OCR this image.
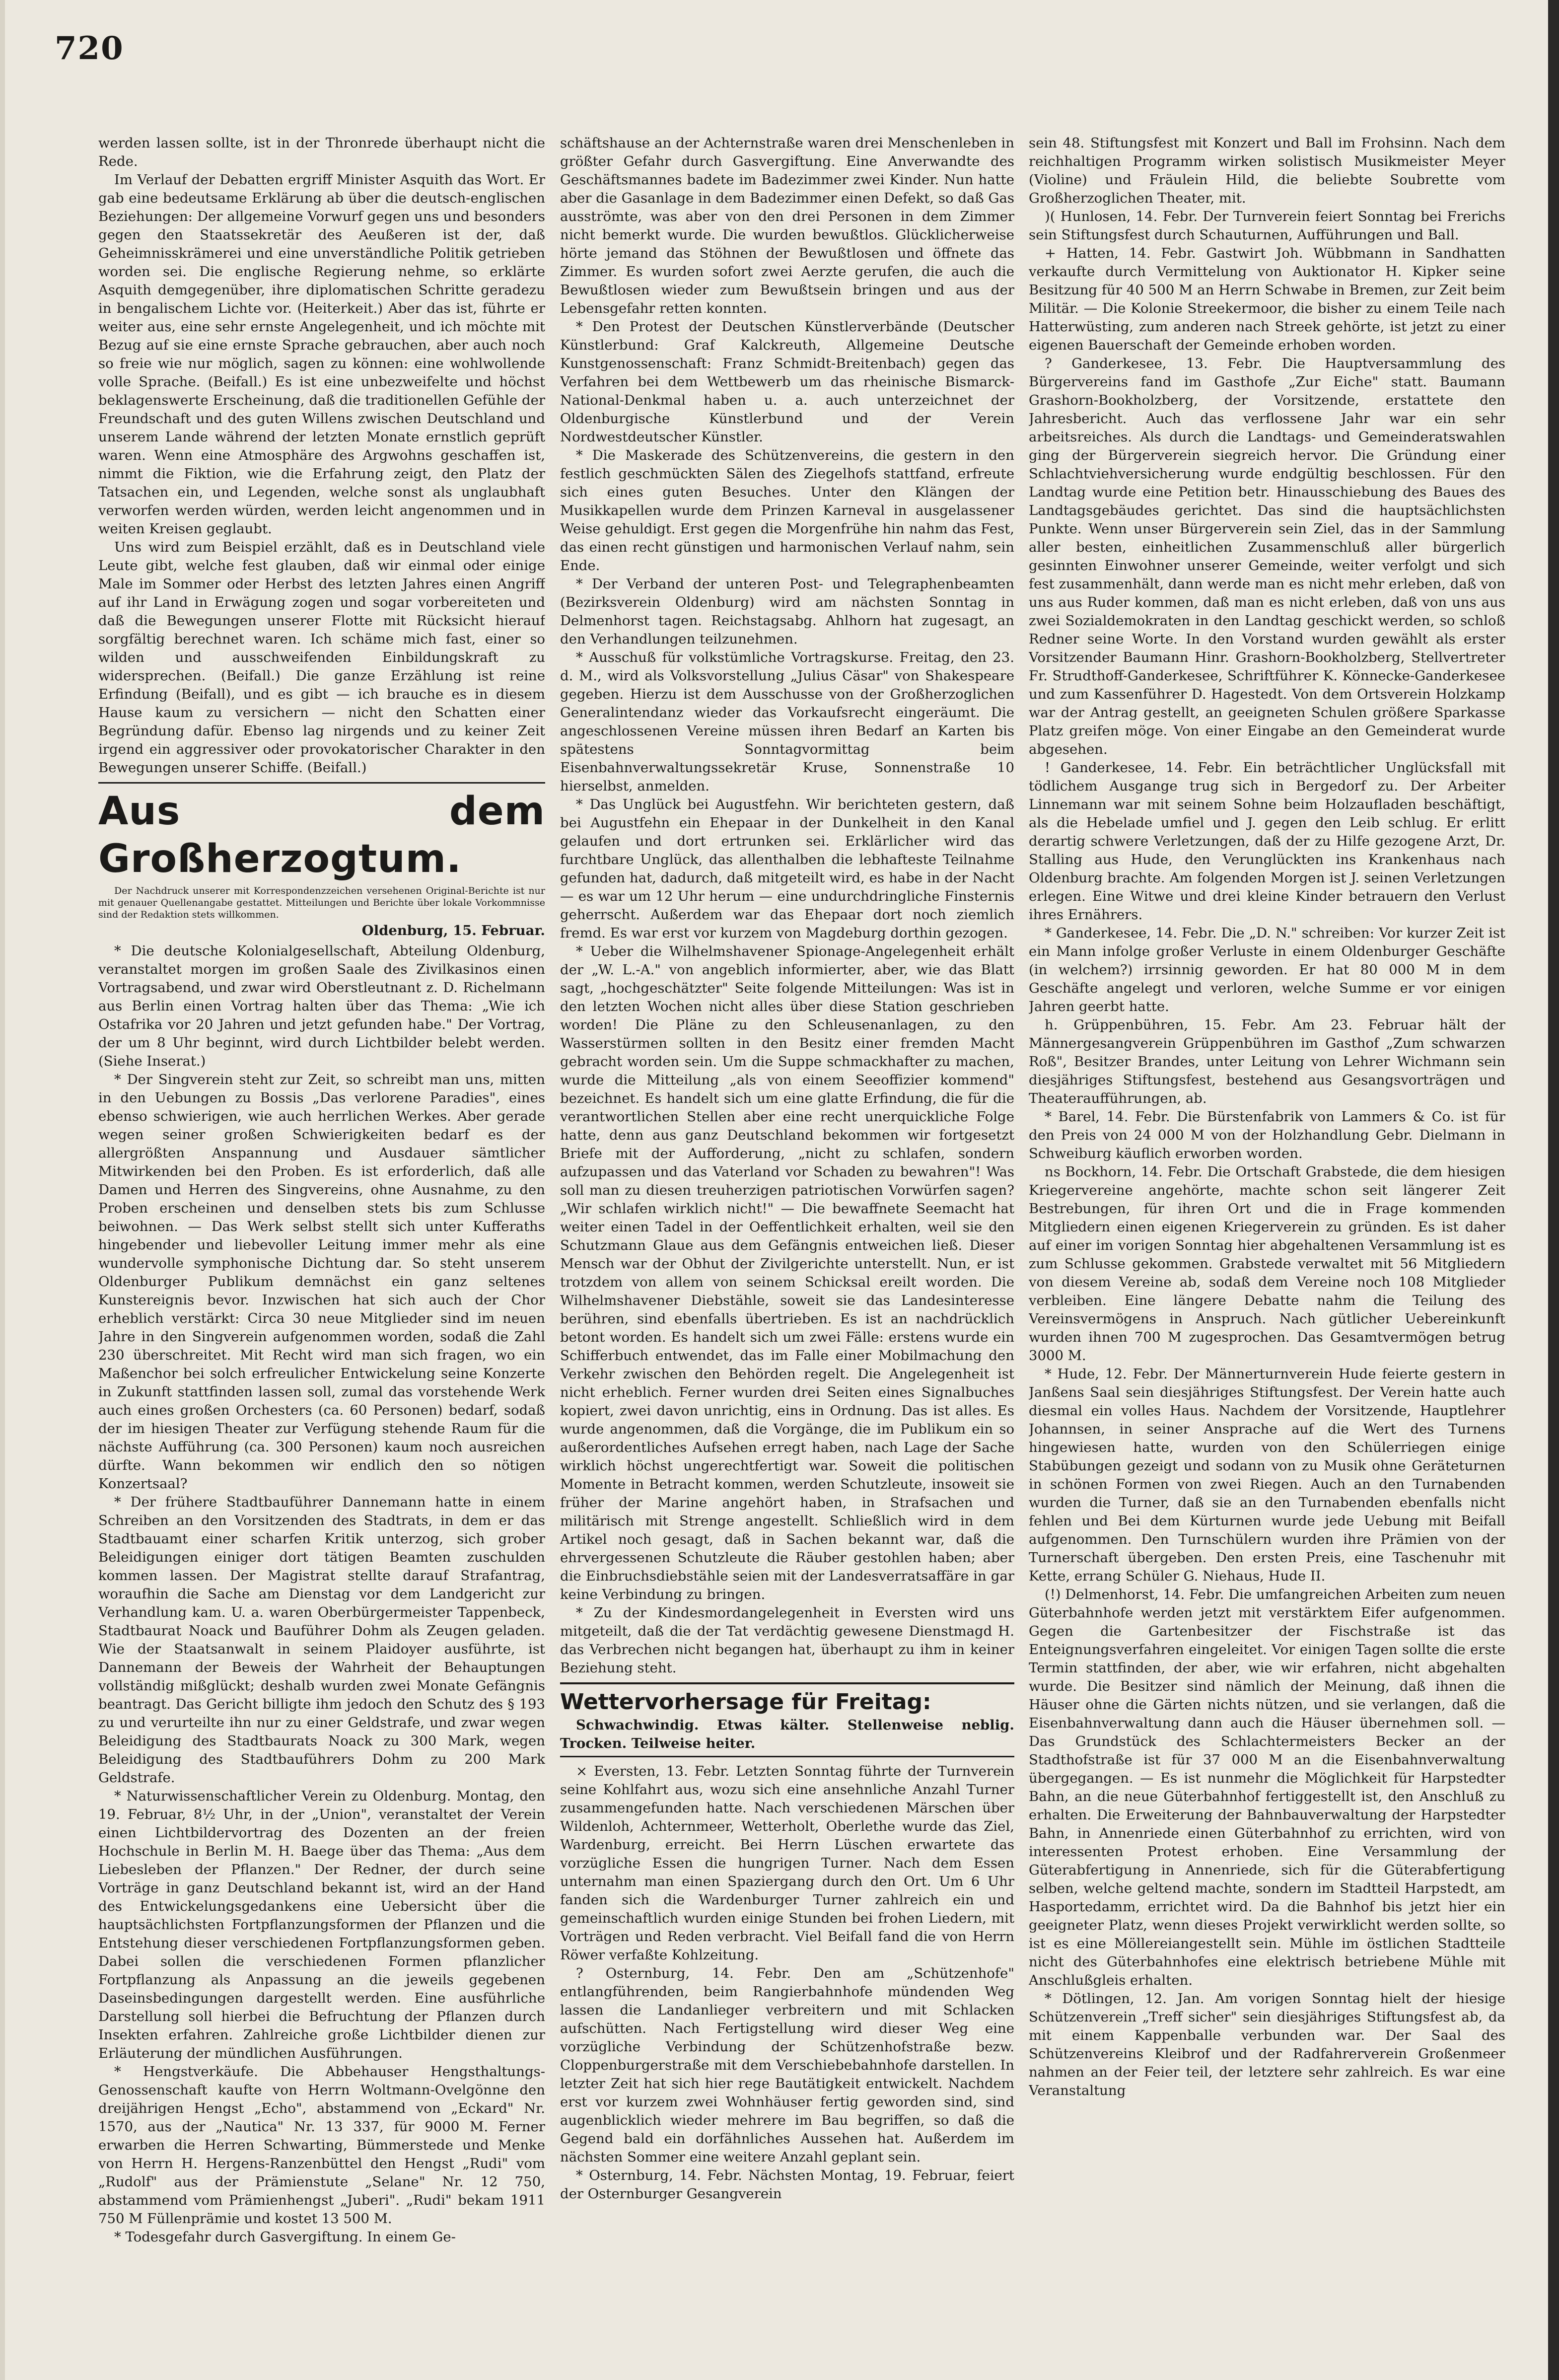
720

werden lassen sollte, ist in der Thronrede überhaupt nicht die Rede.

Im Verlauf der Debatten ergriff Minister Asquith das Wort. Er gab eine bedeutsame Erklärung ab über die deutsch-englischen Beziehungen: Der allgemeine Vorwurf gegen uns und besonders gegen den Staatssekretär des Aeußeren ist der, daß Geheimnisskrämerei und eine unverständliche Politik getrieben worden sei. Die englische Regierung nehme, so erklärte Asquith demgegenüber, ihre diplomatischen Schritte geradezu in bengalischem Lichte vor. (Heiterkeit.) Aber das ist, führte er weiter aus, eine sehr ernste Angelegenheit, und ich möchte mit Bezug auf sie eine ernste Sprache gebrauchen, aber auch noch so freie wie nur möglich, sagen zu können: eine wohlwollende volle Sprache. (Beifall.) Es ist eine unbezweifelte und höchst beklagenswerte Erscheinung, daß die traditionellen Gefühle der Freundschaft und des guten Willens zwischen Deutschland und unserem Lande während der letzten Monate ernstlich geprüft waren. Wenn eine Atmosphäre des Argwohns geschaffen ist, nimmt die Fiktion, wie die Erfahrung zeigt, den Platz der Tatsachen ein, und Legenden, welche sonst als unglaubhaft verworfen werden würden, werden leicht angenommen und in weiten Kreisen geglaubt.

Uns wird zum Beispiel erzählt, daß es in Deutschland viele Leute gibt, welche fest glauben, daß wir einmal oder einige Male im Sommer oder Herbst des letzten Jahres einen Angriff auf ihr Land in Erwägung zogen und sogar vorbereiteten und daß die Bewegungen unserer Flotte mit Rücksicht hierauf sorgfältig berechnet waren. Ich schäme mich fast, einer so wilden und ausschweifenden Einbildungskraft zu widersprechen. (Beifall.) Die ganze Erzählung ist reine Erfindung (Beifall), und es gibt — ich brauche es in diesem Hause kaum zu versichern — nicht den Schatten einer Begründung dafür. Ebenso lag nirgends und zu keiner Zeit irgend ein aggressiver oder provokatorischer Charakter in den Bewegungen unserer Schiffe. (Beifall.)

Aus dem Großherzogtum.

Der Nachdruck unserer mit Korrespondenzzeichen versehenen Original-Berichte ist nur mit genauer Quellenangabe gestattet. Mitteilungen und Berichte über lokale Vorkommnisse sind der Redaktion stets willkommen.

Oldenburg, 15. Februar.

* Die deutsche Kolonialgesellschaft, Abteilung Oldenburg, veranstaltet morgen im großen Saale des Zivilkasinos einen Vortragsabend, und zwar wird Oberstleutnant z. D. Richelmann aus Berlin einen Vortrag halten über das Thema: „Wie ich Ostafrika vor 20 Jahren und jetzt gefunden habe." Der Vortrag, der um 8 Uhr beginnt, wird durch Lichtbilder belebt werden. (Siehe Inserat.)

* Der Singverein steht zur Zeit, so schreibt man uns, mitten in den Uebungen zu Bossis „Das verlorene Paradies", eines ebenso schwierigen, wie auch herrlichen Werkes. Aber gerade wegen seiner großen Schwierigkeiten bedarf es der allergrößten Anspannung und Ausdauer sämtlicher Mitwirkenden bei den Proben. Es ist erforderlich, daß alle Damen und Herren des Singvereins, ohne Ausnahme, zu den Proben erscheinen und denselben stets bis zum Schlusse beiwohnen. — Das Werk selbst stellt sich unter Kufferaths hingebender und liebevoller Leitung immer mehr als eine wundervolle symphonische Dichtung dar. So steht unserem Oldenburger Publikum demnächst ein ganz seltenes Kunstereignis bevor. Inzwischen hat sich auch der Chor erheblich verstärkt: Circa 30 neue Mitglieder sind im neuen Jahre in den Singverein aufgenommen worden, sodaß die Zahl 230 überschreitet. Mit Recht wird man sich fragen, wo ein Maßenchor bei solch erfreulicher Entwickelung seine Konzerte in Zukunft stattfinden lassen soll, zumal das vorstehende Werk auch eines großen Orchesters (ca. 60 Personen) bedarf, sodaß der im hiesigen Theater zur Verfügung stehende Raum für die nächste Aufführung (ca. 300 Personen) kaum noch ausreichen dürfte. Wann bekommen wir endlich den so nötigen Konzertsaal?

* Der frühere Stadtbauführer Dannemann hatte in einem Schreiben an den Vorsitzenden des Stadtrats, in dem er das Stadtbauamt einer scharfen Kritik unterzog, sich grober Beleidigungen einiger dort tätigen Beamten zuschulden kommen lassen. Der Magistrat stellte darauf Strafantrag, woraufhin die Sache am Dienstag vor dem Landgericht zur Verhandlung kam. U. a. waren Oberbürgermeister Tappenbeck, Stadtbaurat Noack und Bauführer Dohm als Zeugen geladen. Wie der Staatsanwalt in seinem Plaidoyer ausführte, ist Dannemann der Beweis der Wahrheit der Behauptungen vollständig mißglückt; deshalb wurden zwei Monate Gefängnis beantragt. Das Gericht billigte ihm jedoch den Schutz des § 193 zu und verurteilte ihn nur zu einer Geldstrafe, und zwar wegen Beleidigung des Stadtbaurats Noack zu 300 Mark, wegen Beleidigung des Stadtbauführers Dohm zu 200 Mark Geldstrafe.

* Naturwissenschaftlicher Verein zu Oldenburg. Montag, den 19. Februar, 8½ Uhr, in der „Union", veranstaltet der Verein einen Lichtbildervortrag des Dozenten an der freien Hochschule in Berlin M. H. Baege über das Thema: „Aus dem Liebesleben der Pflanzen." Der Redner, der durch seine Vorträge in ganz Deutschland bekannt ist, wird an der Hand des Entwickelungsgedankens eine Uebersicht über die hauptsächlichsten Fortpflanzungsformen der Pflanzen und die Entstehung dieser verschiedenen Fortpflanzungsformen geben. Dabei sollen die verschiedenen Formen pflanzlicher Fortpflanzung als Anpassung an die jeweils gegebenen Daseinsbedingungen dargestellt werden. Eine ausführliche Darstellung soll hierbei die Befruchtung der Pflanzen durch Insekten erfahren. Zahlreiche große Lichtbilder dienen zur Erläuterung der mündlichen Ausführungen.

* Hengstverkäufe. Die Abbehauser Hengsthaltungs-Genossenschaft kaufte von Herrn Woltmann-Ovelgönne den dreijährigen Hengst „Echo", abstammend von „Eckard" Nr. 1570, aus der „Nautica" Nr. 13 337, für 9000 M. Ferner erwarben die Herren Schwarting, Bümmerstede und Menke von Herrn H. Hergens-Ranzenbüttel den Hengst „Rudi" vom „Rudolf" aus der Prämienstute „Selane" Nr. 12 750, abstammend vom Prämienhengst „Juberi". „Rudi" bekam 1911 750 M Füllenprämie und kostet 13 500 M.

* Todesgefahr durch Gasvergiftung. In einem Ge-

schäftshause an der Achternstraße waren drei Menschenleben in größter Gefahr durch Gasvergiftung. Eine Anverwandte des Geschäftsmannes badete im Badezimmer zwei Kinder. Nun hatte aber die Gasanlage in dem Badezimmer einen Defekt, so daß Gas ausströmte, was aber von den drei Personen in dem Zimmer nicht bemerkt wurde. Die wurden bewußtlos. Glücklicherweise hörte jemand das Stöhnen der Bewußtlosen und öffnete das Zimmer. Es wurden sofort zwei Aerzte gerufen, die auch die Bewußtlosen wieder zum Bewußtsein bringen und aus der Lebensgefahr retten konnten.

* Den Protest der Deutschen Künstlerverbände (Deutscher Künstlerbund: Graf Kalckreuth, Allgemeine Deutsche Kunstgenossenschaft: Franz Schmidt-Breitenbach) gegen das Verfahren bei dem Wettbewerb um das rheinische Bismarck-National-Denkmal haben u. a. auch unterzeichnet der Oldenburgische Künstlerbund und der Verein Nordwestdeutscher Künstler.

* Die Maskerade des Schützenvereins, die gestern in den festlich geschmückten Sälen des Ziegelhofs stattfand, erfreute sich eines guten Besuches. Unter den Klängen der Musikkapellen wurde dem Prinzen Karneval in ausgelassener Weise gehuldigt. Erst gegen die Morgenfrühe hin nahm das Fest, das einen recht günstigen und harmonischen Verlauf nahm, sein Ende.

* Der Verband der unteren Post- und Telegraphenbeamten (Bezirksverein Oldenburg) wird am nächsten Sonntag in Delmenhorst tagen. Reichstagsabg. Ahlhorn hat zugesagt, an den Verhandlungen teilzunehmen.

* Ausschuß für volkstümliche Vortragskurse. Freitag, den 23. d. M., wird als Volksvorstellung „Julius Cäsar" von Shakespeare gegeben. Hierzu ist dem Ausschusse von der Großherzoglichen Generalintendanz wieder das Vorkaufsrecht eingeräumt. Die angeschlossenen Vereine müssen ihren Bedarf an Karten bis spätestens Sonntagvormittag beim Eisenbahnverwaltungssekretär Kruse, Sonnenstraße 10 hierselbst, anmelden.

* Das Unglück bei Augustfehn. Wir berichteten gestern, daß bei Augustfehn ein Ehepaar in der Dunkelheit in den Kanal gelaufen und dort ertrunken sei. Erklärlicher wird das furchtbare Unglück, das allenthalben die lebhafteste Teilnahme gefunden hat, dadurch, daß mitgeteilt wird, es habe in der Nacht — es war um 12 Uhr herum — eine undurchdringliche Finsternis geherrscht. Außerdem war das Ehepaar dort noch ziemlich fremd. Es war erst vor kurzem von Magdeburg dorthin gezogen.

* Ueber die Wilhelmshavener Spionage-Angelegenheit erhält der „W. L.-A." von angeblich informierter, aber, wie das Blatt sagt, „hochgeschätzter" Seite folgende Mitteilungen: Was ist in den letzten Wochen nicht alles über diese Station geschrieben worden! Die Pläne zu den Schleusenanlagen, zu den Wasserstürmen sollten in den Besitz einer fremden Macht gebracht worden sein. Um die Suppe schmackhafter zu machen, wurde die Mitteilung „als von einem Seeoffizier kommend" bezeichnet. Es handelt sich um eine glatte Erfindung, die für die verantwortlichen Stellen aber eine recht unerquickliche Folge hatte, denn aus ganz Deutschland bekommen wir fortgesetzt Briefe mit der Aufforderung, „nicht zu schlafen, sondern aufzupassen und das Vaterland vor Schaden zu bewahren"! Was soll man zu diesen treuherzigen patriotischen Vorwürfen sagen? „Wir schlafen wirklich nicht!" — Die bewaffnete Seemacht hat weiter einen Tadel in der Oeffentlichkeit erhalten, weil sie den Schutzmann Glaue aus dem Gefängnis entweichen ließ. Dieser Mensch war der Obhut der Zivilgerichte unterstellt. Nun, er ist trotzdem von allem von seinem Schicksal ereilt worden. Die Wilhelmshavener Diebstähle, soweit sie das Landesinteresse berühren, sind ebenfalls übertrieben. Es ist an nachdrücklich betont worden. Es handelt sich um zwei Fälle: erstens wurde ein Schifferbuch entwendet, das im Falle einer Mobilmachung den Verkehr zwischen den Behörden regelt. Die Angelegenheit ist nicht erheblich. Ferner wurden drei Seiten eines Signalbuches kopiert, zwei davon unrichtig, eins in Ordnung. Das ist alles. Es wurde angenommen, daß die Vorgänge, die im Publikum ein so außerordentliches Aufsehen erregt haben, nach Lage der Sache wirklich höchst ungerechtfertigt war. Soweit die politischen Momente in Betracht kommen, werden Schutzleute, insoweit sie früher der Marine angehört haben, in Strafsachen und militärisch mit Strenge angestellt. Schließlich wird in dem Artikel noch gesagt, daß in Sachen bekannt war, daß die ehrvergessenen Schutzleute die Räuber gestohlen haben; aber die Einbruchsdiebstähle seien mit der Landesverratsaffäre in gar keine Verbindung zu bringen.

* Zu der Kindesmordangelegenheit in Eversten wird uns mitgeteilt, daß die der Tat verdächtig gewesene Dienstmagd H. das Verbrechen nicht begangen hat, überhaupt zu ihm in keiner Beziehung steht.

Wettervorhersage für Freitag:

Schwachwindig. Etwas kälter. Stellenweise neblig. Trocken. Teilweise heiter.

⨯ Eversten, 13. Febr. Letzten Sonntag führte der Turnverein seine Kohlfahrt aus, wozu sich eine ansehnliche Anzahl Turner zusammengefunden hatte. Nach verschiedenen Märschen über Wildenloh, Achternmeer, Wetterholt, Oberlethe wurde das Ziel, Wardenburg, erreicht. Bei Herrn Lüschen erwartete das vorzügliche Essen die hungrigen Turner. Nach dem Essen unternahm man einen Spaziergang durch den Ort. Um 6 Uhr fanden sich die Wardenburger Turner zahlreich ein und gemeinschaftlich wurden einige Stunden bei frohen Liedern, mit Vorträgen und Reden verbracht. Viel Beifall fand die von Herrn Röwer verfaßte Kohlzeitung.

? Osternburg, 14. Febr. Den am „Schützenhofe" entlangführenden, beim Rangierbahnhofe mündenden Weg lassen die Landanlieger verbreitern und mit Schlacken aufschütten. Nach Fertigstellung wird dieser Weg eine vorzügliche Verbindung der Schützenhofstraße bezw. Cloppenburgerstraße mit dem Verschiebebahnhofe darstellen. In letzter Zeit hat sich hier rege Bautätigkeit entwickelt. Nachdem erst vor kurzem zwei Wohnhäuser fertig geworden sind, sind augenblicklich wieder mehrere im Bau begriffen, so daß die Gegend bald ein dorfähnliches Aussehen hat. Außerdem im nächsten Sommer eine weitere Anzahl geplant sein.

* Osternburg, 14. Febr. Nächsten Montag, 19. Februar, feiert der Osternburger Gesangverein

sein 48. Stiftungsfest mit Konzert und Ball im Frohsinn. Nach dem reichhaltigen Programm wirken solistisch Musikmeister Meyer (Violine) und Fräulein Hild, die beliebte Soubrette vom Großherzoglichen Theater, mit.

)( Hunlosen, 14. Febr. Der Turnverein feiert Sonntag bei Frerichs sein Stiftungsfest durch Schauturnen, Aufführungen und Ball.

+ Hatten, 14. Febr. Gastwirt Joh. Wübbmann in Sandhatten verkaufte durch Vermittelung von Auktionator H. Kipker seine Besitzung für 40 500 M an Herrn Schwabe in Bremen, zur Zeit beim Militär. — Die Kolonie Streekermoor, die bisher zu einem Teile nach Hatterwüsting, zum anderen nach Streek gehörte, ist jetzt zu einer eigenen Bauerschaft der Gemeinde erhoben worden.

? Ganderkesee, 13. Febr. Die Hauptversammlung des Bürgervereins fand im Gasthofe „Zur Eiche" statt. Baumann Grashorn-Bookholzberg, der Vorsitzende, erstattete den Jahresbericht. Auch das verflossene Jahr war ein sehr arbeitsreiches. Als durch die Landtags- und Gemeinderatswahlen ging der Bürgerverein siegreich hervor. Die Gründung einer Schlachtviehversicherung wurde endgültig beschlossen. Für den Landtag wurde eine Petition betr. Hinausschiebung des Baues des Landtagsgebäudes gerichtet. Das sind die hauptsächlichsten Punkte. Wenn unser Bürgerverein sein Ziel, das in der Sammlung aller besten, einheitlichen Zusammenschluß aller bürgerlich gesinnten Einwohner unserer Gemeinde, weiter verfolgt und sich fest zusammenhält, dann werde man es nicht mehr erleben, daß von uns aus Ruder kommen, daß man es nicht erleben, daß von uns aus zwei Sozialdemokraten in den Landtag geschickt werden, so schloß Redner seine Worte. In den Vorstand wurden gewählt als erster Vorsitzender Baumann Hinr. Grashorn-Bookholzberg, Stellvertreter Fr. Strudthoff-Ganderkesee, Schriftführer K. Könnecke-Ganderkesee und zum Kassenführer D. Hagestedt. Von dem Ortsverein Holzkamp war der Antrag gestellt, an geeigneten Schulen größere Sparkasse Platz greifen möge. Von einer Eingabe an den Gemeinderat wurde abgesehen.

! Ganderkesee, 14. Febr. Ein beträchtlicher Unglücksfall mit tödlichem Ausgange trug sich in Bergedorf zu. Der Arbeiter Linnemann war mit seinem Sohne beim Holzaufladen beschäftigt, als die Hebelade umfiel und J. gegen den Leib schlug. Er erlitt derartig schwere Verletzungen, daß der zu Hilfe gezogene Arzt, Dr. Stalling aus Hude, den Verunglückten ins Krankenhaus nach Oldenburg brachte. Am folgenden Morgen ist J. seinen Verletzungen erlegen. Eine Witwe und drei kleine Kinder betrauern den Verlust ihres Ernährers.

* Ganderkesee, 14. Febr. Die „D. N." schreiben: Vor kurzer Zeit ist ein Mann infolge großer Verluste in einem Oldenburger Geschäfte (in welchem?) irrsinnig geworden. Er hat 80 000 M in dem Geschäfte angelegt und verloren, welche Summe er vor einigen Jahren geerbt hatte.

h. Grüppenbühren, 15. Febr. Am 23. Februar hält der Männergesangverein Grüppenbühren im Gasthof „Zum schwarzen Roß", Besitzer Brandes, unter Leitung von Lehrer Wichmann sein diesjähriges Stiftungsfest, bestehend aus Gesangsvorträgen und Theateraufführungen, ab.

* Barel, 14. Febr. Die Bürstenfabrik von Lammers & Co. ist für den Preis von 24 000 M von der Holzhandlung Gebr. Dielmann in Schweiburg käuflich erworben worden.

ns Bockhorn, 14. Febr. Die Ortschaft Grabstede, die dem hiesigen Kriegervereine angehörte, machte schon seit längerer Zeit Bestrebungen, für ihren Ort und die in Frage kommenden Mitgliedern einen eigenen Kriegerverein zu gründen. Es ist daher auf einer im vorigen Sonntag hier abgehaltenen Versammlung ist es zum Schlusse gekommen. Grabstede verwaltet mit 56 Mitgliedern von diesem Vereine ab, sodaß dem Vereine noch 108 Mitglieder verbleiben. Eine längere Debatte nahm die Teilung des Vereinsvermögens in Anspruch. Nach gütlicher Uebereinkunft wurden ihnen 700 M zugesprochen. Das Gesamtvermögen betrug 3000 M.

* Hude, 12. Febr. Der Männerturnverein Hude feierte gestern in Janßens Saal sein diesjähriges Stiftungsfest. Der Verein hatte auch diesmal ein volles Haus. Nachdem der Vorsitzende, Hauptlehrer Johannsen, in seiner Ansprache auf die Wert des Turnens hingewiesen hatte, wurden von den Schülerriegen einige Stabübungen gezeigt und sodann von zu Musik ohne Geräteturnen in schönen Formen von zwei Riegen. Auch an den Turnabenden wurden die Turner, daß sie an den Turnabenden ebenfalls nicht fehlen und Bei dem Kürturnen wurde jede Uebung mit Beifall aufgenommen. Den Turnschülern wurden ihre Prämien von der Turnerschaft übergeben. Den ersten Preis, eine Taschenuhr mit Kette, errang Schüler G. Niehaus, Hude II.

(!) Delmenhorst, 14. Febr. Die umfangreichen Arbeiten zum neuen Güterbahnhofe werden jetzt mit verstärktem Eifer aufgenommen. Gegen die Gartenbesitzer der Fischstraße ist das Enteignungsverfahren eingeleitet. Vor einigen Tagen sollte die erste Termin stattfinden, der aber, wie wir erfahren, nicht abgehalten wurde. Die Besitzer sind nämlich der Meinung, daß ihnen die Häuser ohne die Gärten nichts nützen, und sie verlangen, daß die Eisenbahnverwaltung dann auch die Häuser übernehmen soll. — Das Grundstück des Schlachtermeisters Becker an der Stadthofstraße ist für 37 000 M an die Eisenbahnverwaltung übergegangen. — Es ist nunmehr die Möglichkeit für Harpstedter Bahn, an die neue Güterbahnhof fertiggestellt ist, den Anschluß zu erhalten. Die Erweiterung der Bahnbauverwaltung der Harpstedter Bahn, in Annenriede einen Güterbahnhof zu errichten, wird von interessenten Protest erhoben. Eine Versammlung der Güterabfertigung in Annenriede, sich für die Güterabfertigung selben, welche geltend machte, sondern im Stadtteil Harpstedt, am Hasportedamm, errichtet wird. Da die Bahnhof bis jetzt hier ein geeigneter Platz, wenn dieses Projekt verwirklicht werden sollte, so ist es eine Möllereiangestellt sein. Mühle im östlichen Stadtteile nicht des Güterbahnhofes eine elektrisch betriebene Mühle mit Anschlußgleis erhalten.

* Dötlingen, 12. Jan. Am vorigen Sonntag hielt der hiesige Schützenverein „Treff sicher" sein diesjähriges Stiftungsfest ab, da mit einem Kappenballe verbunden war. Der Saal des Schützenvereins Kleibrof und der Radfahrerverein Großenmeer nahmen an der Feier teil, der letztere sehr zahlreich. Es war eine Veranstaltung
